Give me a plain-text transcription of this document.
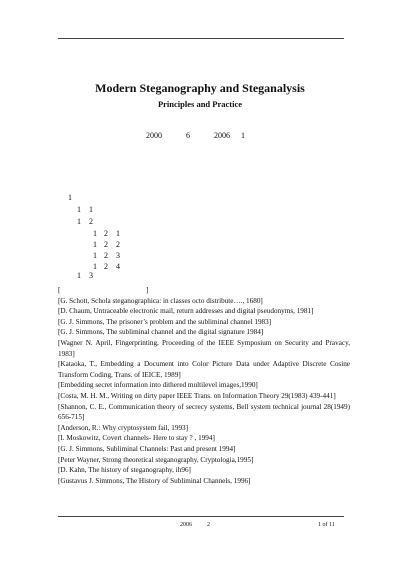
Modern Steganography and Steganalysis
Principles and Practice
2000	6	2006 1
1
1 1
1 2
1 2 1
1 2 2
1 2 3
1 2 4
1 3
[	]

[G. Schott, Schola steganographica: in classes octo distribute…., 1680]

[D. Chaum, Untraceable electronic mail, return addresses and digital pseudonyms, 1981]

[G. J. Simmons, The prisoner’s problem and the subliminal channel 1983]

[G. J. Simmons, The subliminal channel and the digital signature 1984]

[Wagner N. April, Fingerprinting, Proceeding of the IEEE Symposium on Security and Pravacy, 1983]

[Kataoka, T., Embedding a Document into Color Picture Data under Adaptive Discrete Cosine Transform Coding, Trans. of IEICE, 1989]

[Embedding secret information into dithered multilevel images,1990]

[Costa, M. H. M., Writing on dirty paper IEEE Trans. on Information Theory 29(1983) 439-441]

[Shannon, C. E., Communication theory of secrecy systems, Bell system technical journal 28(1949) 656-715]

[Anderson, R.: Why cryptosystem fail, 1993]

[I. Moskowitz, Covert channels- Here to stay ? , 1994]

[G. J. Simmons, Subliminal Channels: Past and present 1994]

[Peter Wayner, Strong theoretical steganography, Cryptologia,1995]

[D. Kahn, The history of steganography, ih96]

[Gustavus J. Simmons, The History of Subliminal Channels, 1996]

2006	2	1 of 11
